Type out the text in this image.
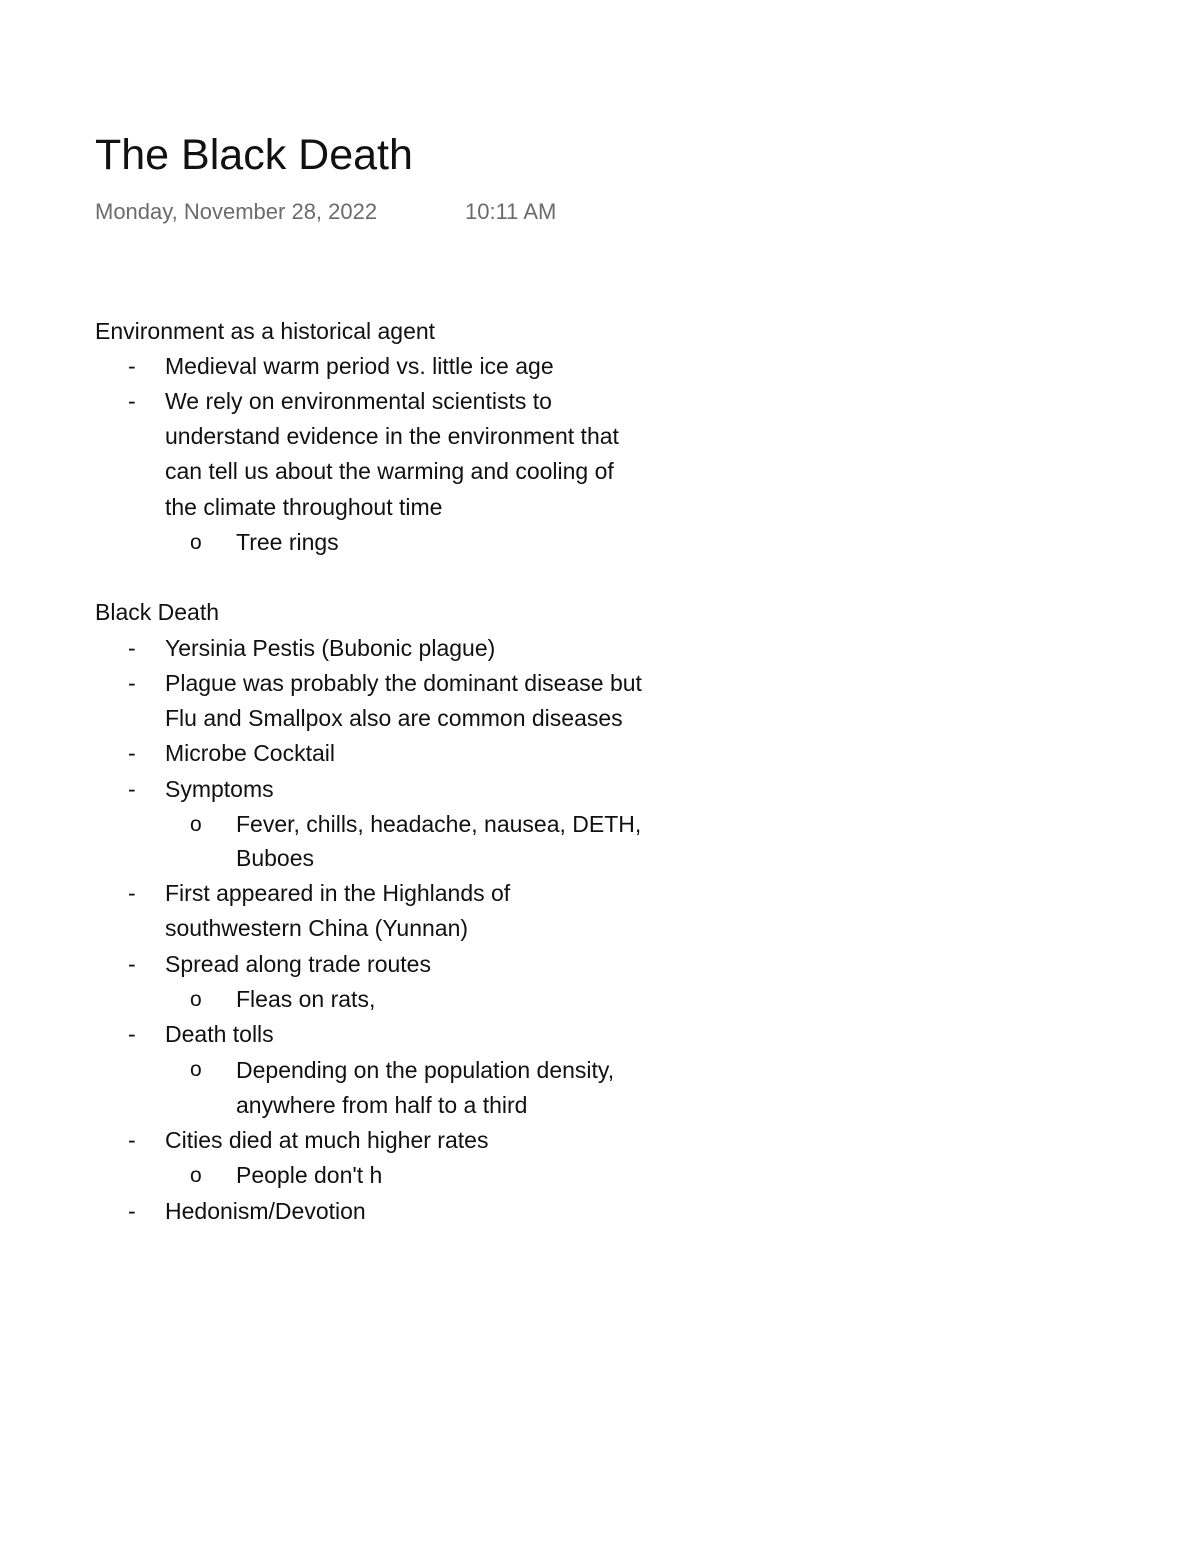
The Black Death
Monday, November 28, 2022	10:11 AM
Environment as a historical agent
- Medieval warm period vs. little ice age
- We rely on environmental scientists to
understand evidence in the environment that
can tell us about the warming and cooling of
the climate throughout time
o Tree rings
Black Death
- Yersinia Pestis (Bubonic plague)
- Plague was probably the dominant disease but
Flu and Smallpox also are common diseases
- Microbe Cocktail
- Symptoms
o Fever, chills, headache, nausea, DETH,
Buboes
- First appeared in the Highlands of
southwestern China (Yunnan)
- Spread along trade routes
o Fleas on rats,
- Death tolls
o Depending on the population density,
anywhere from half to a third
- Cities died at much higher rates
o People don't h
- Hedonism/Devotion
